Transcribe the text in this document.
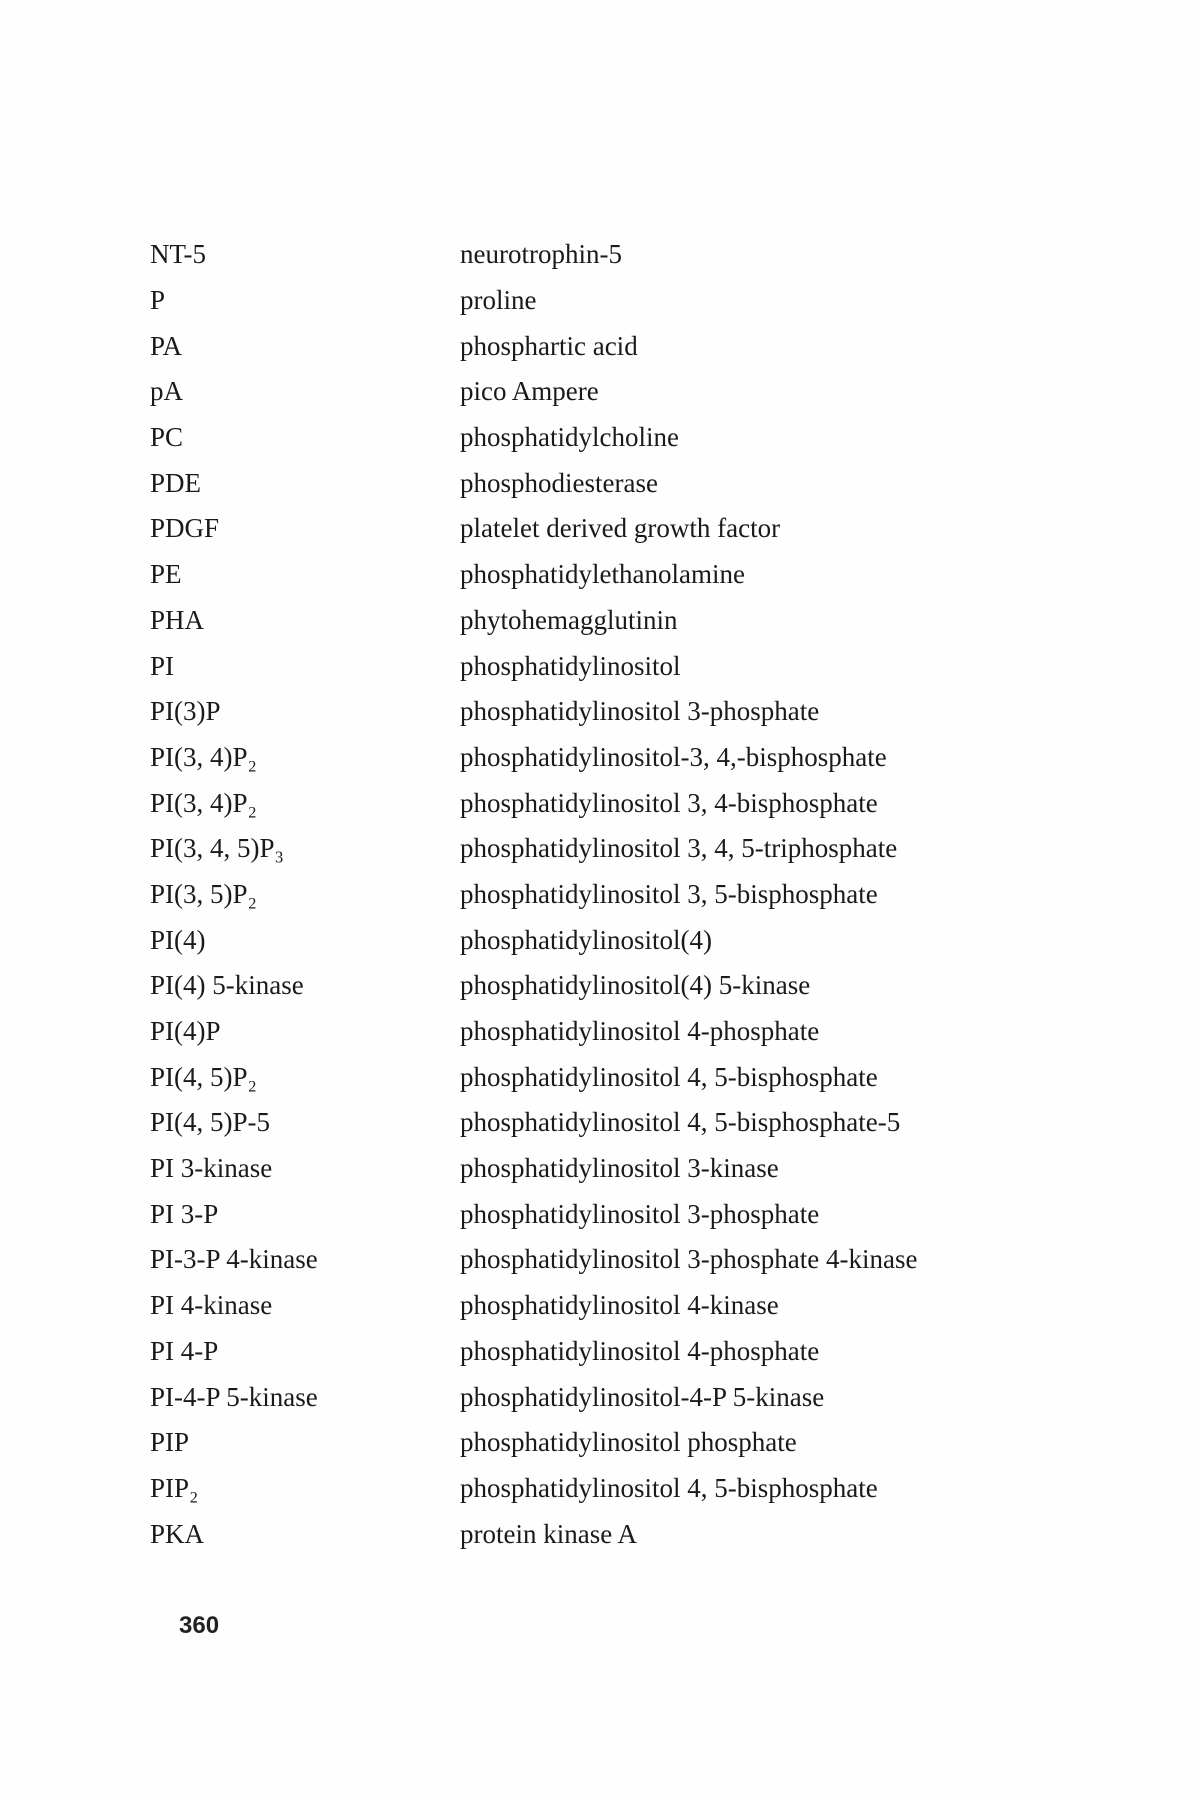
NT-5	neurotrophin-5
P	proline
PA	phosphartic acid
pA	pico Ampere
PC	phosphatidylcholine
PDE	phosphodiesterase
PDGF	platelet derived growth factor
PE	phosphatidylethanolamine
PHA	phytohemagglutinin
PI	phosphatidylinositol
PI(3)P	phosphatidylinositol 3-phosphate
PI(3, 4)P₂	phosphatidylinositol-3, 4,-bisphosphate
PI(3, 4)P₂	phosphatidylinositol 3, 4-bisphosphate
PI(3, 4, 5)P₃	phosphatidylinositol 3, 4, 5-triphosphate
PI(3, 5)P₂	phosphatidylinositol 3, 5-bisphosphate
PI(4)	phosphatidylinositol(4)
PI(4) 5-kinase	phosphatidylinositol(4) 5-kinase
PI(4)P	phosphatidylinositol 4-phosphate
PI(4, 5)P₂	phosphatidylinositol 4, 5-bisphosphate
PI(4, 5)P-5	phosphatidylinositol 4, 5-bisphosphate-5
PI 3-kinase	phosphatidylinositol 3-kinase
PI 3-P	phosphatidylinositol 3-phosphate
PI-3-P 4-kinase	phosphatidylinositol 3-phosphate 4-kinase
PI 4-kinase	phosphatidylinositol 4-kinase
PI 4-P	phosphatidylinositol 4-phosphate
PI-4-P 5-kinase	phosphatidylinositol-4-P 5-kinase
PIP	phosphatidylinositol phosphate
PIP₂	phosphatidylinositol 4, 5-bisphosphate
PKA	protein kinase A
360
